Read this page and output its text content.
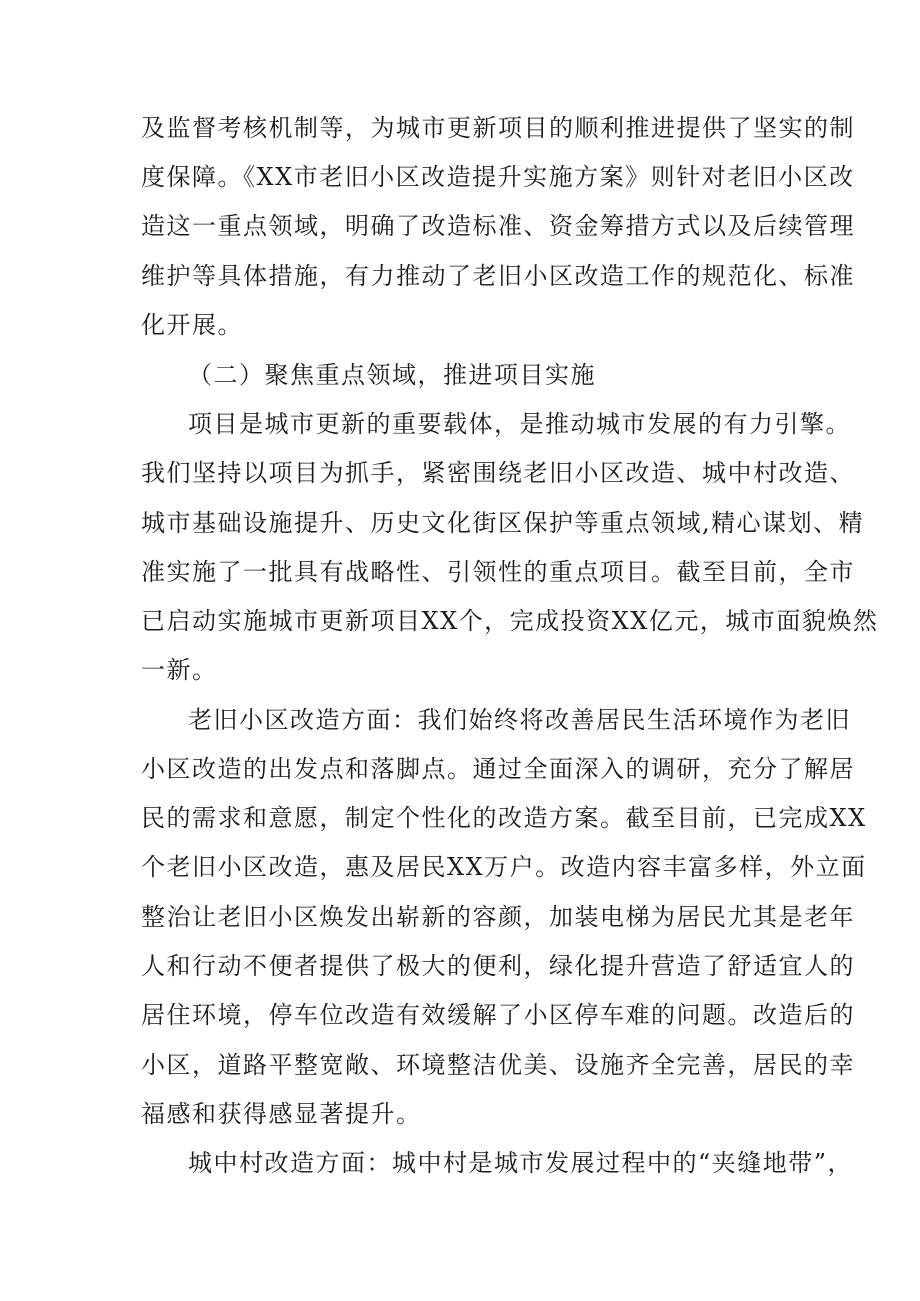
及监督考核机制等，为城市更新项目的顺利推进提供了坚实的制
度保障。《XX市老旧小区改造提升实施方案》则针对老旧小区改
造这一重点领域，明确了改造标准、资金筹措方式以及后续管理
维护等具体措施，有力推动了老旧小区改造工作的规范化、标准
化开展。
（二）聚焦重点领域，推进项目实施
项目是城市更新的重要载体，是推动城市发展的有力引擎。
我们坚持以项目为抓手，紧密围绕老旧小区改造、城中村改造、
城市基础设施提升、历史文化街区保护等重点领域,精心谋划、精
准实施了一批具有战略性、引领性的重点项目。截至目前，全市
已启动实施城市更新项目XX个，完成投资XX亿元，城市面貌焕然
一新。
老旧小区改造方面：我们始终将改善居民生活环境作为老旧
小区改造的出发点和落脚点。通过全面深入的调研，充分了解居
民的需求和意愿，制定个性化的改造方案。截至目前，已完成XX
个老旧小区改造，惠及居民XX万户。改造内容丰富多样，外立面
整治让老旧小区焕发出崭新的容颜，加装电梯为居民尤其是老年
人和行动不便者提供了极大的便利，绿化提升营造了舒适宜人的
居住环境，停车位改造有效缓解了小区停车难的问题。改造后的
小区，道路平整宽敞、环境整洁优美、设施齐全完善，居民的幸
福感和获得感显著提升。
城中村改造方面：城中村是城市发展过程中的“夹缝地带”，
